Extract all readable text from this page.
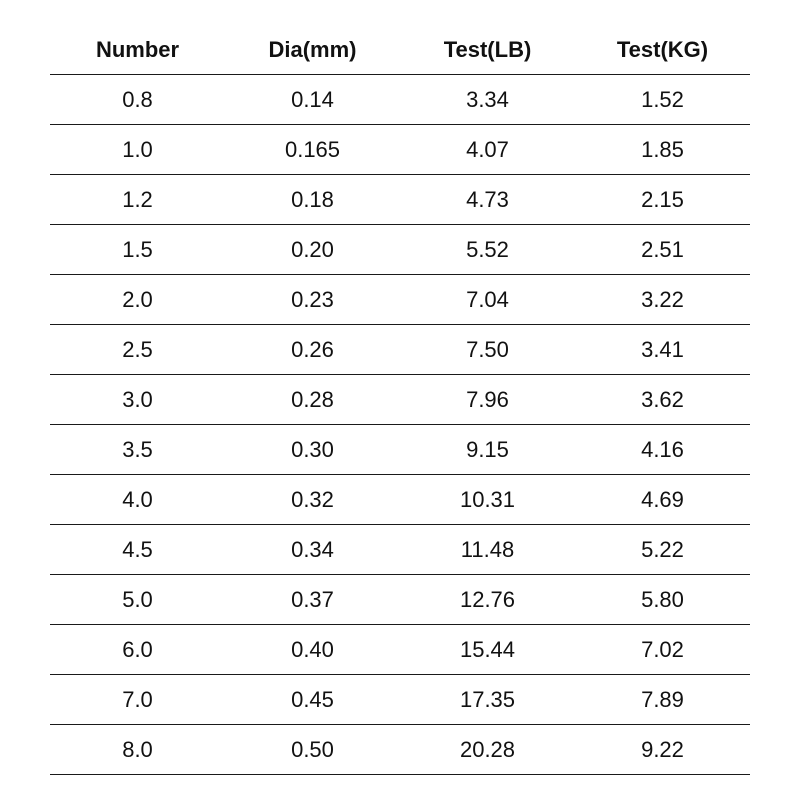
Number	Dia(mm)	Test(LB)	Test(KG)
0.8	0.14	3.34	1.52
1.0	0.165	4.07	1.85
1.2	0.18	4.73	2.15
1.5	0.20	5.52	2.51
2.0	0.23	7.04	3.22
2.5	0.26	7.50	3.41
3.0	0.28	7.96	3.62
3.5	0.30	9.15	4.16
4.0	0.32	10.31	4.69
4.5	0.34	11.48	5.22
5.0	0.37	12.76	5.80
6.0	0.40	15.44	7.02
7.0	0.45	17.35	7.89
8.0	0.50	20.28	9.22
